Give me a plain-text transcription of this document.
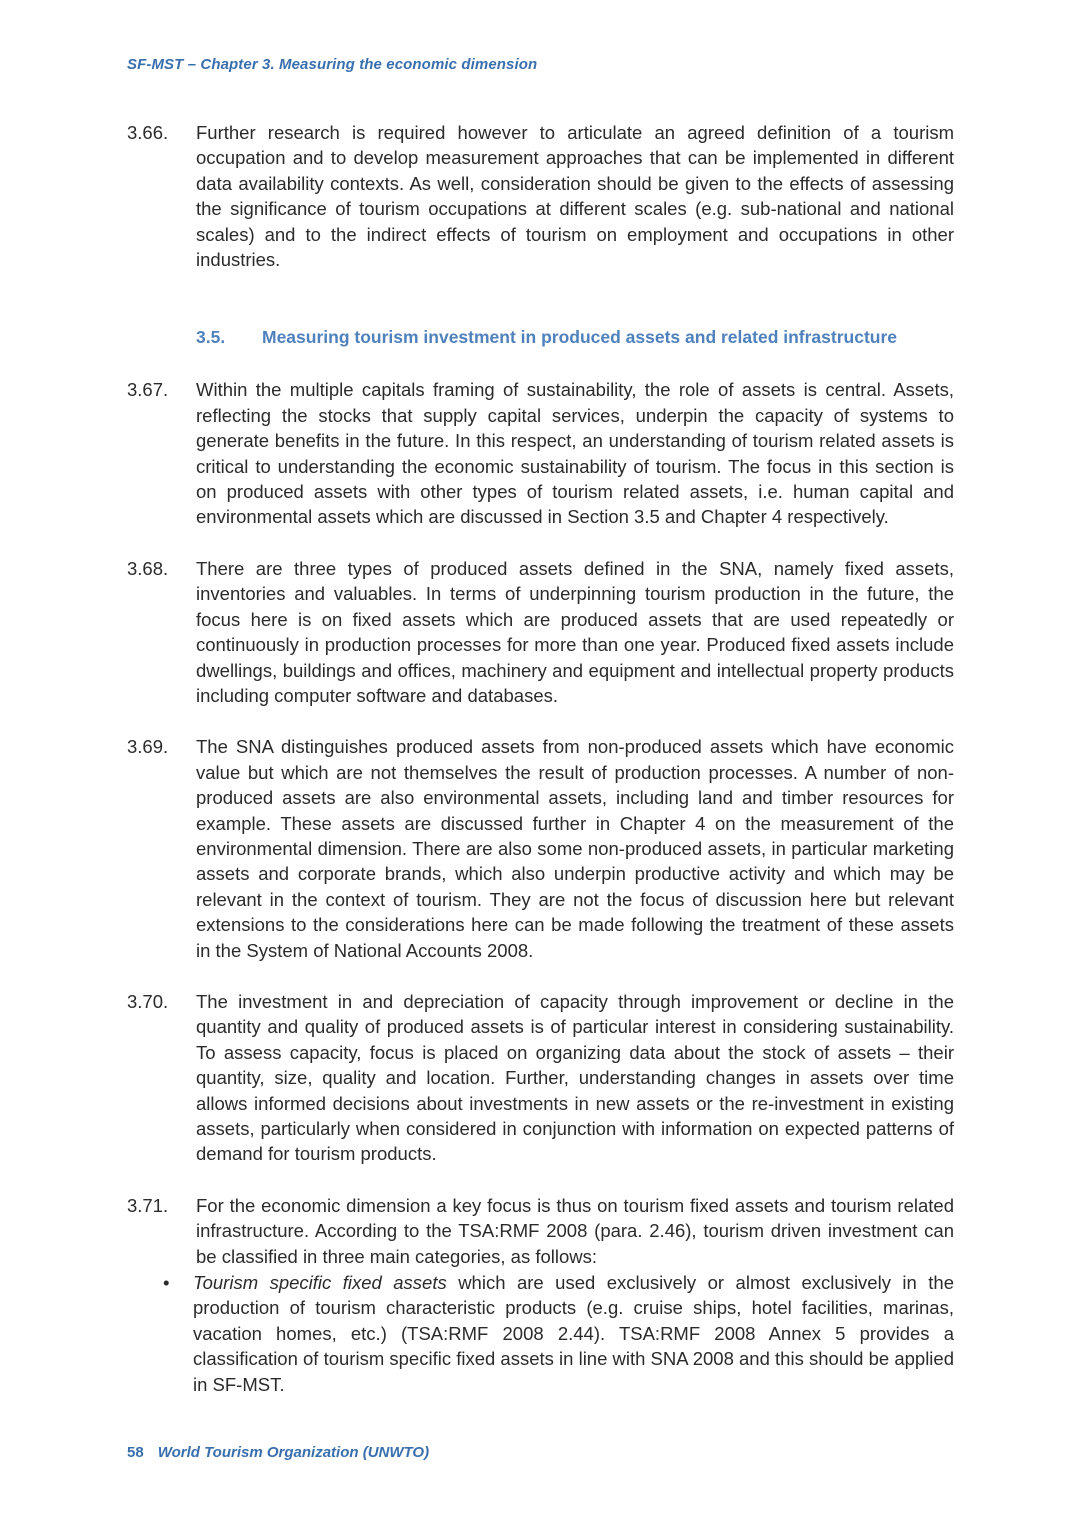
SF-MST – Chapter 3. Measuring the economic dimension
3.66.	Further research is required however to articulate an agreed definition of a tourism occupation and to develop measurement approaches that can be implemented in different data availability contexts. As well, consideration should be given to the effects of assessing the significance of tourism occupations at different scales (e.g. sub-national and national scales) and to the indirect effects of tourism on employment and occupations in other industries.
3.5.	Measuring tourism investment in produced assets and related infrastructure
3.67.	Within the multiple capitals framing of sustainability, the role of assets is central. Assets, reflecting the stocks that supply capital services, underpin the capacity of systems to generate benefits in the future. In this respect, an understanding of tourism related assets is critical to understanding the economic sustainability of tourism. The focus in this section is on produced assets with other types of tourism related assets, i.e. human capital and environmental assets which are discussed in Section 3.5 and Chapter 4 respectively.
3.68.	There are three types of produced assets defined in the SNA, namely fixed assets, inventories and valuables. In terms of underpinning tourism production in the future, the focus here is on fixed assets which are produced assets that are used repeatedly or continuously in production processes for more than one year. Produced fixed assets include dwellings, buildings and offices, machinery and equipment and intellectual property products including computer software and databases.
3.69.	The SNA distinguishes produced assets from non-produced assets which have economic value but which are not themselves the result of production processes. A number of non-produced assets are also environmental assets, including land and timber resources for example. These assets are discussed further in Chapter 4 on the measurement of the environmental dimension. There are also some non-produced assets, in particular marketing assets and corporate brands, which also underpin productive activity and which may be relevant in the context of tourism. They are not the focus of discussion here but relevant extensions to the considerations here can be made following the treatment of these assets in the System of National Accounts 2008.
3.70.	The investment in and depreciation of capacity through improvement or decline in the quantity and quality of produced assets is of particular interest in considering sustainability. To assess capacity, focus is placed on organizing data about the stock of assets – their quantity, size, quality and location. Further, understanding changes in assets over time allows informed decisions about investments in new assets or the re-investment in existing assets, particularly when considered in conjunction with information on expected patterns of demand for tourism products.
3.71.	For the economic dimension a key focus is thus on tourism fixed assets and tourism related infrastructure. According to the TSA:RMF 2008 (para. 2.46), tourism driven investment can be classified in three main categories, as follows:
•	Tourism specific fixed assets which are used exclusively or almost exclusively in the production of tourism characteristic products (e.g. cruise ships, hotel facilities, marinas, vacation homes, etc.) (TSA:RMF 2008 2.44). TSA:RMF 2008 Annex 5 provides a classification of tourism specific fixed assets in line with SNA 2008 and this should be applied in SF-MST.
58 World Tourism Organization (UNWTO)
